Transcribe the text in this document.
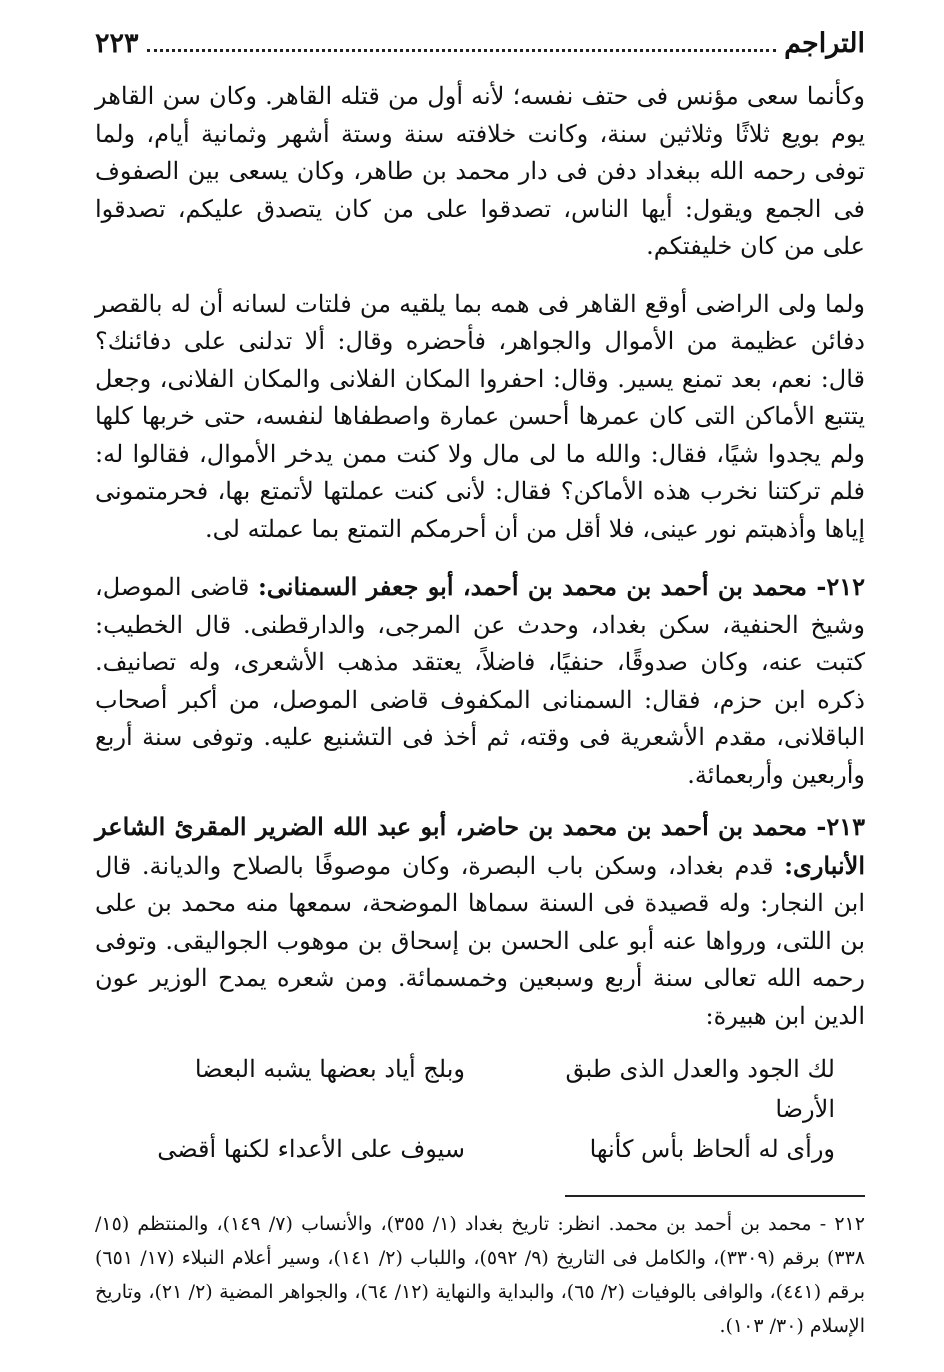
التراجم
٢٢٣

وكأنما سعى مؤنس فى حتف نفسه؛ لأنه أول من قتله القاهر. وكان سن القاهر يوم بويع ثلاثًا وثلاثين سنة، وكانت خلافته سنة وستة أشهر وثمانية أيام، ولما توفى رحمه الله ببغداد دفن فى دار محمد بن طاهر، وكان يسعى بين الصفوف فى الجمع ويقول: أيها الناس، تصدقوا على من كان يتصدق عليكم، تصدقوا على من كان خليفتكم.

ولما ولى الراضى أوقع القاهر فى همه بما يلقيه من فلتات لسانه أن له بالقصر دفائن عظيمة من الأموال والجواهر، فأحضره وقال: ألا تدلنى على دفائنك؟ قال: نعم، بعد تمنع يسير. وقال: احفروا المكان الفلانى والمكان الفلانى، وجعل يتتبع الأماكن التى كان عمرها أحسن عمارة واصطفاها لنفسه، حتى خربها كلها ولم يجدوا شيًا، فقال: والله ما لى مال ولا كنت ممن يدخر الأموال، فقالوا له: فلم تركتنا نخرب هذه الأماكن؟ فقال: لأنى كنت عملتها لأتمتع بها، فحرمتمونى إياها وأذهبتم نور عينى، فلا أقل من أن أحرمكم التمتع بما عملته لى.

٢١٢- محمد بن أحمد بن محمد بن أحمد، أبو جعفر السمنانى: قاضى الموصل، وشيخ الحنفية، سكن بغداد، وحدث عن المرجى، والدارقطنى. قال الخطيب: كتبت عنه، وكان صدوقًا، حنفيًا، فاضلاً، يعتقد مذهب الأشعرى، وله تصانيف. ذكره ابن حزم، فقال: السمنانى المكفوف قاضى الموصل، من أكبر أصحاب الباقلانى، مقدم الأشعرية فى وقته، ثم أخذ فى التشنيع عليه. وتوفى سنة أربع وأربعين وأربعمائة.

٢١٣- محمد بن أحمد بن محمد بن حاضر، أبو عبد الله الضرير المقرئ الشاعر الأنبارى: قدم بغداد، وسكن باب البصرة، وكان موصوفًا بالصلاح والديانة. قال ابن النجار: وله قصيدة فى السنة سماها الموضحة، سمعها منه محمد بن على بن اللتى، ورواها عنه أبو على الحسن بن إسحاق بن موهوب الجواليقى. وتوفى رحمه الله تعالى سنة أربع وسبعين وخمسمائة. ومن شعره يمدح الوزير عون الدين ابن هبيرة:

لك الجود والعدل الذى طبق الأرضا
وبلج أياد بعضها يشبه البعضا
ورأى له ألحاظ بأس كأنها
سيوف على الأعداء لكنها أقضى

٢١٢ - محمد بن أحمد بن محمد. انظر: تاريخ بغداد (١/ ٣٥٥)، والأنساب (٧/ ١٤٩)، والمنتظم (١٥/ ٣٣٨) برقم (٣٣٠٩)، والكامل فى التاريخ (٩/ ٥٩٢)، واللباب (٢/ ١٤١)، وسير أعلام النبلاء (١٧/ ٦٥١) برقم (٤٤١)، والوافى بالوفيات (٢/ ٦٥)، والبداية والنهاية (١٢/ ٦٤)، والجواهر المضية (٢/ ٢١)، وتاريخ الإسلام (٣٠/ ١٠٣).
